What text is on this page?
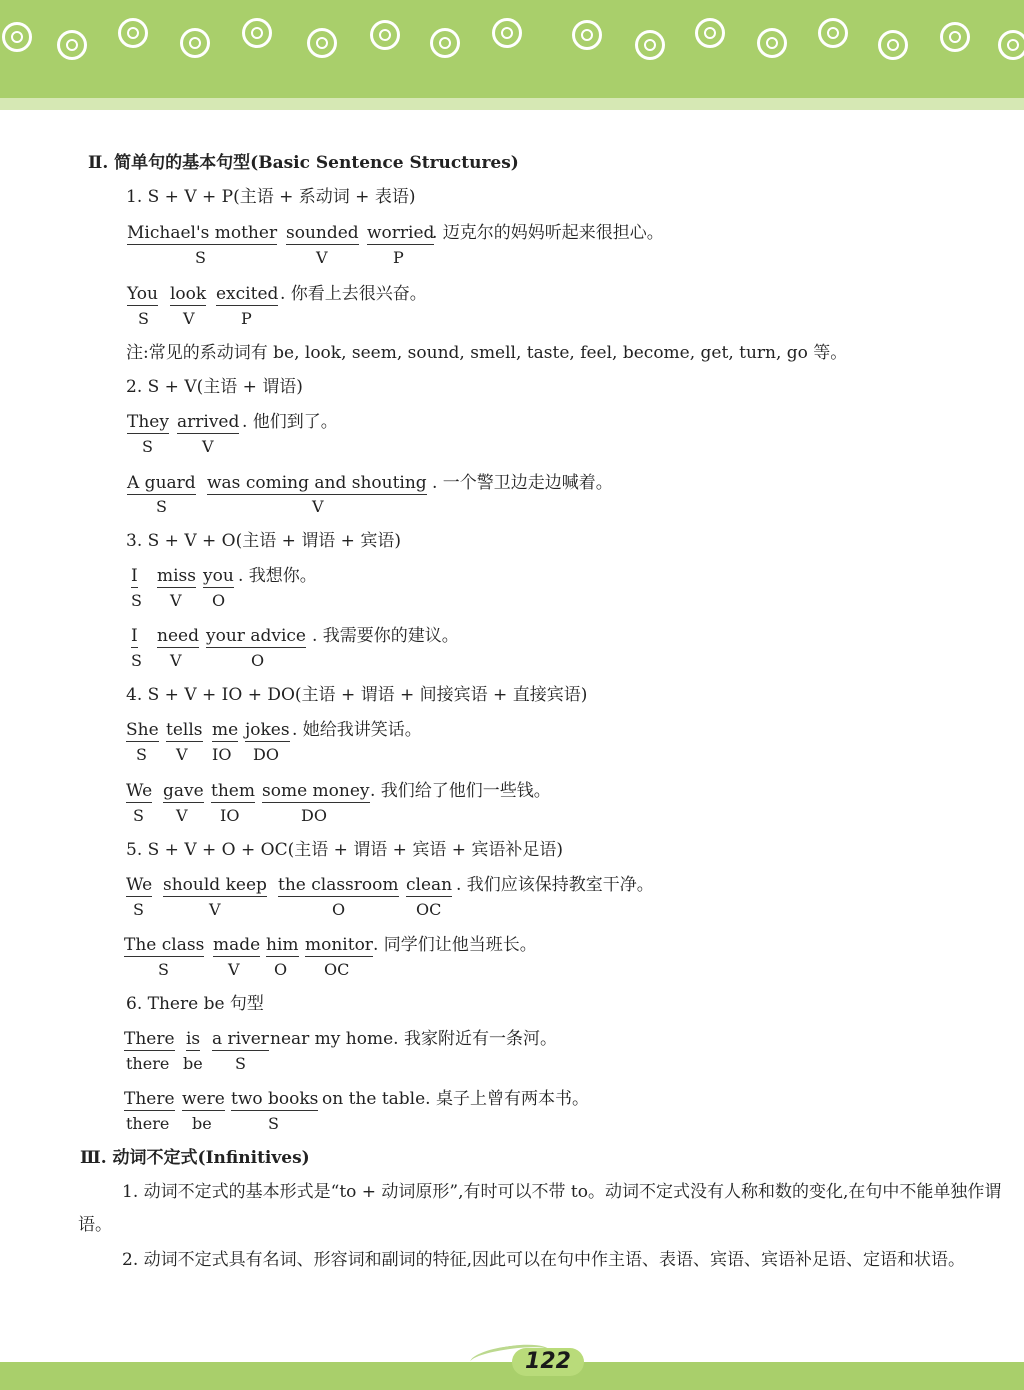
Ⅱ. 简单句的基本句型(Basic Sentence Structures)
1. S + V + P(主语 + 系动词 + 表语)
Michael's mother sounded worried
. 迈克尔的妈妈听起来很担心。
S	V	P
You look excited . 你看上去很兴奋。
S V	P
注:常见的系动词有 be, look, seem, sound, smell, taste, feel, become, get, turn, go 等。
2. S + V(主语 + 谓语)
They arrived . 他们到了。
S	V
A guard was coming and shouting . 一个警卫边走边喊着。
S	V
3. S + V + O(主语 + 谓语 + 宾语)
I miss you . 我想你。
S V O
I need your advice . 我需要你的建议。
S V	O
4. S + V + IO + DO(主语 + 谓语 + 间接宾语 + 直接宾语)
She tells me jokes . 她给我讲笑话。
S V IO DO
We gave them some money . 我们给了他们一些钱。
S V IO	DO
5. S + V + O + OC(主语 + 谓语 + 宾语 + 宾语补足语)
We should keep the classroom clean . 我们应该保持教室干净。
S	V	O	OC
The class made him monitor . 同学们让他当班长。
S	V O OC
6. There be 句型
There is a river near my home. 我家附近有一条河。
there be S
There were two books on the table. 桌子上曾有两本书。
there be	S
Ⅲ. 动词不定式(Infinitives)
1. 动词不定式的基本形式是“to + 动词原形”,有时可以不带 to。动词不定式没有人称和数的变化,在句中不能单独作谓语。
2. 动词不定式具有名词、形容词和副词的特征,因此可以在句中作主语、表语、宾语、宾语补足语、定语和状语。
122
